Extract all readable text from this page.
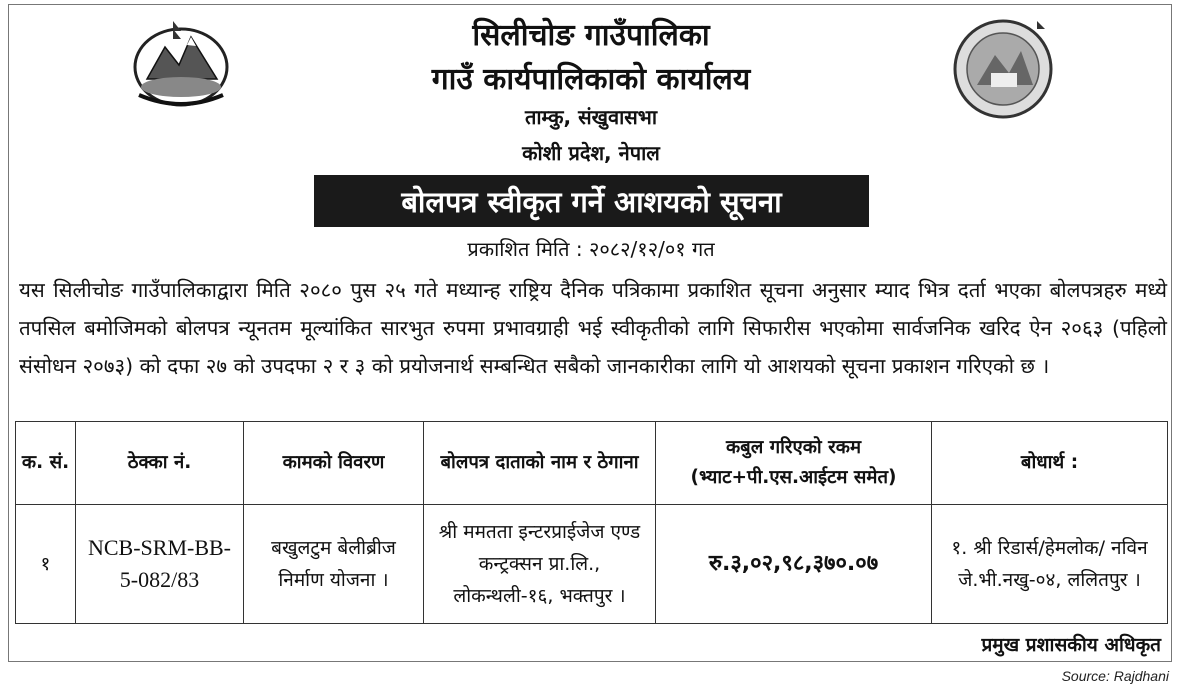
सिलीचोङ गाउँपालिका
गाउँ कार्यपालिकाको कार्यालय
ताम्कु, संखुवासभा
कोशी प्रदेश, नेपाल
बोलपत्र स्वीकृत गर्ने आशयको सूचना
प्रकाशित मिति : २०८२/१२/०१ गत
यस सिलीचोङ गाउँपालिकाद्वारा मिति २०८० पुस २५ गते मध्यान्ह राष्ट्रिय दैनिक पत्रिकामा प्रकाशित सूचना अनुसार म्याद भित्र दर्ता भएका बोलपत्रहरु मध्ये तपसिल बमोजिमको बोलपत्र न्यूनतम मूल्यांकित सारभुत रुपमा प्रभावग्राही भई स्वीकृतीको लागि सिफारीस भएकोमा सार्वजनिक खरिद ऐन २०६३ (पहिलो संसोधन २०७३) को दफा २७ को उपदफा २ र ३ को प्रयोजनार्थ सम्बन्धित सबैको जानकारीका लागि यो आशयको सूचना प्रकाशन गरिएको छ ।
क. सं.	ठेक्का नं.	कामको विवरण	बोलपत्र दाताको नाम र ठेगाना	कबुल गरिएको रकम (भ्याट+पी.एस.आईटम समेत)	बोधार्थ :
१	NCB-SRM-BB-5-082/83	बखुलटुम बेलीब्रीज निर्माण योजना ।	श्री ममतता इन्टरप्राईजेज एण्ड कन्ट्रक्सन प्रा.लि., लोकन्थली-१६, भक्तपुर ।	रु.३,०२,९८,३७०.०७	१. श्री रिडार्स/हेमलोक/ नविन जे.भी.नखु-०४, ललितपुर ।
प्रमुख प्रशासकीय अधिकृत
Source: Rajdhani
